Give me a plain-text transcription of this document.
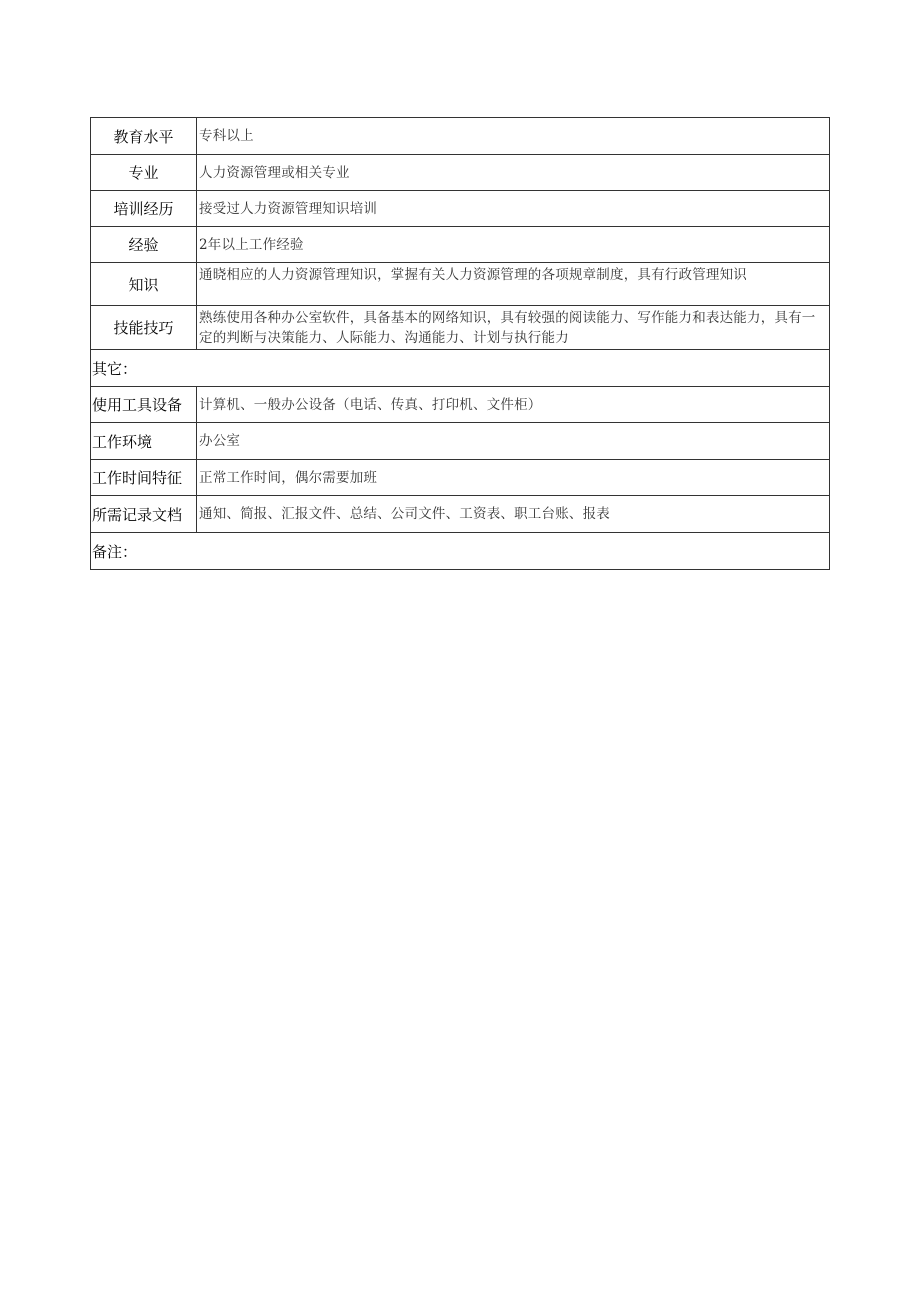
教育水平	专科以上
专业	人力资源管理或相关专业
培训经历	接受过人力资源管理知识培训
经验	2年以上工作经验
知识	通晓相应的人力资源管理知识，掌握有关人力资源管理的各项规章制度，具有行政管理知识
技能技巧	熟练使用各种办公室软件，具备基本的网络知识，具有较强的阅读能力、写作能力和表达能力，具有一定的判断与决策能力、人际能力、沟通能力、计划与执行能力
其它：	
使用工具设备	计算机、一般办公设备（电话、传真、打印机、文件柜）
工作环境	办公室
工作时间特征	正常工作时间，偶尔需要加班
所需记录文档	通知、简报、汇报文件、总结、公司文件、工资表、职工台账、报表
备注：	
